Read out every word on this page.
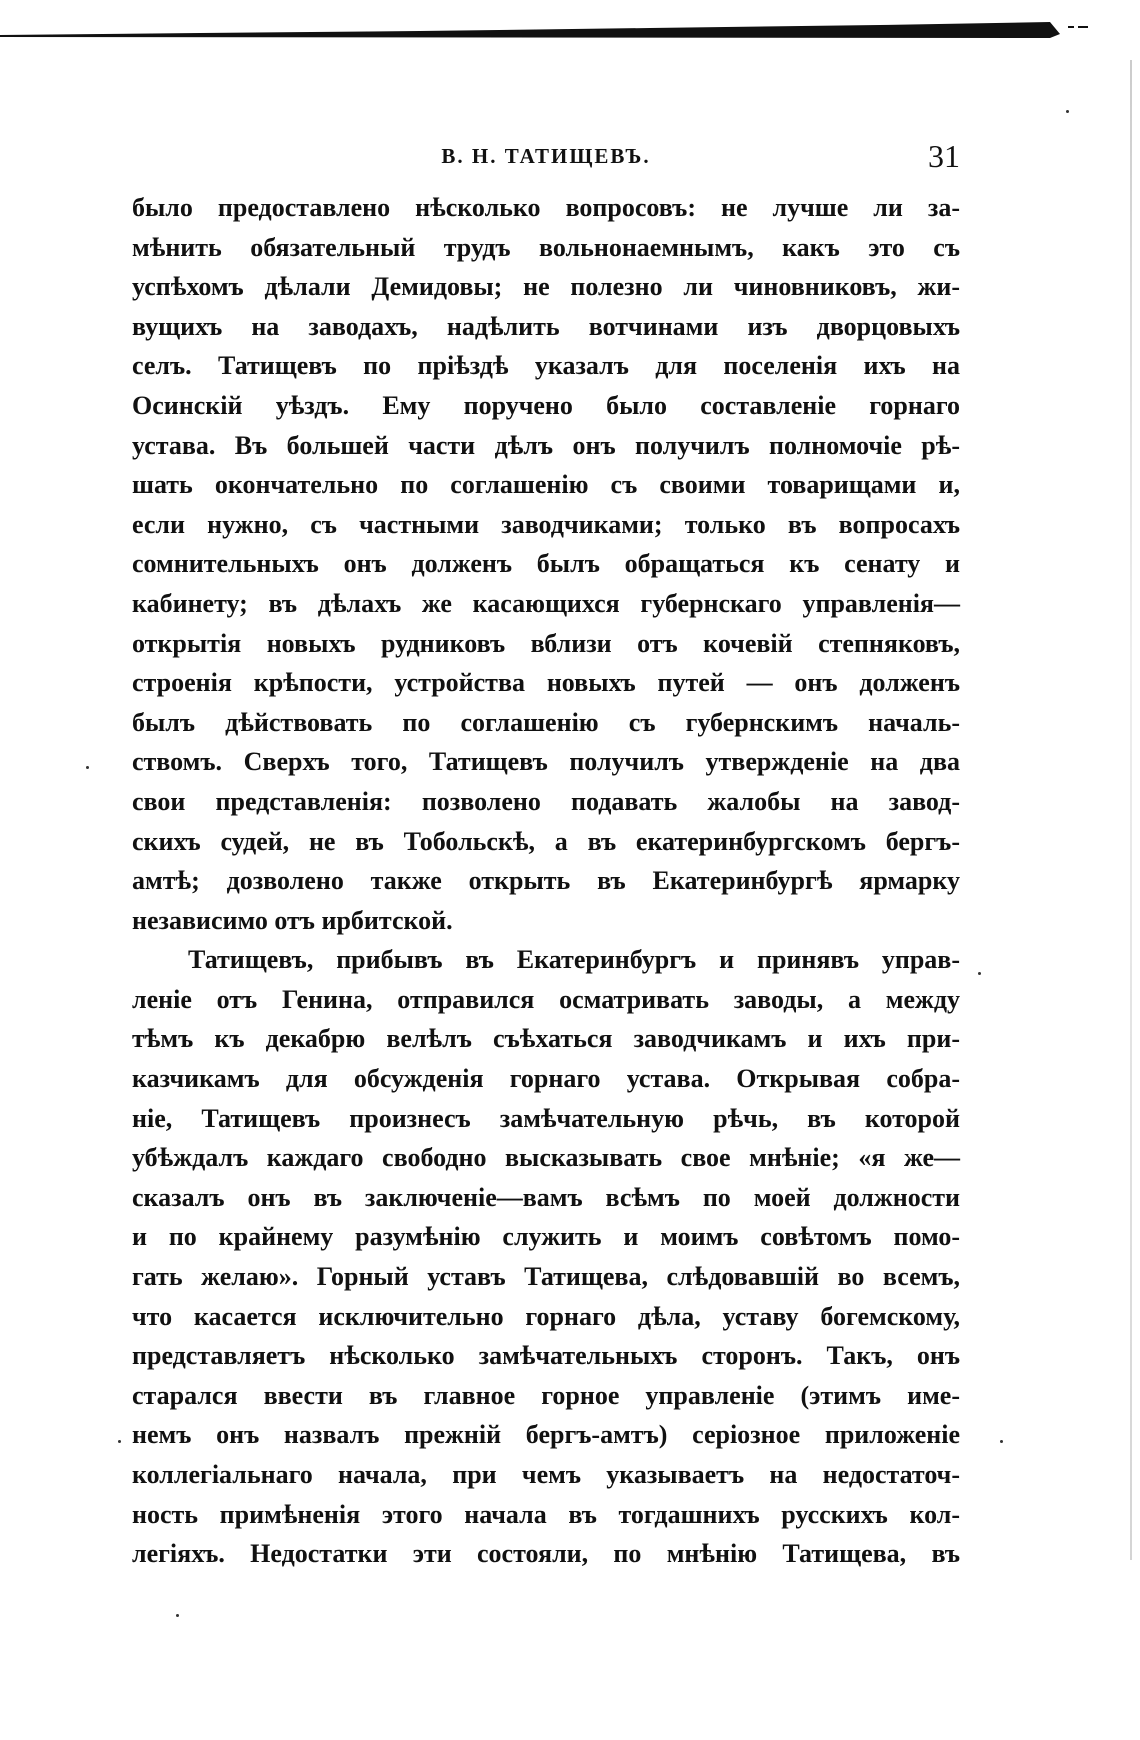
В. Н. ТАТИЩЕВЪ.	31
было предоставлено нѣсколько вопросовъ: не лучше ли за-
мѣнить обязательный трудъ вольнонаемнымъ, какъ это съ
успѣхомъ дѣлали Демидовы; не полезно ли чиновниковъ, жи-
вущихъ на заводахъ, надѣлить вотчинами изъ дворцовыхъ
селъ. Татищевъ по пріѣздѣ указалъ для поселенія ихъ на
Осинскій уѣздъ. Ему поручено было составленіе горнаго
устава. Въ большей части дѣлъ онъ получилъ полномочіе рѣ-
шать окончательно по соглашенію съ своими товарищами и,
если нужно, съ частными заводчиками; только въ вопросахъ
сомнительныхъ онъ долженъ былъ обращаться къ сенату и
кабинету; въ дѣлахъ же касающихся губернскаго управленія—
открытія новыхъ рудниковъ вблизи отъ кочевій степняковъ,
строенія крѣпости, устройства новыхъ путей — онъ долженъ
былъ дѣйствовать по соглашенію съ губернскимъ началь-
ствомъ. Сверхъ того, Татищевъ получилъ утвержденіе на два
свои представленія: позволено подавать жалобы на завод-
скихъ судей, не въ Тобольскѣ, а въ екатеринбургскомъ бергъ-
амтѣ; дозволено также открыть въ Екатеринбургѣ ярмарку
независимо отъ ирбитской.
Татищевъ, прибывъ въ Екатеринбургъ и принявъ управ-
леніе отъ Генина, отправился осматривать заводы, а между
тѣмъ къ декабрю велѣлъ съѣхаться заводчикамъ и ихъ при-
казчикамъ для обсужденія горнаго устава. Открывая собра-
ніе, Татищевъ произнесъ замѣчательную рѣчь, въ которой
убѣждалъ каждаго свободно высказывать свое мнѣніе; «я же—
сказалъ онъ въ заключеніе—вамъ всѣмъ по моей должности
и по крайнему разумѣнію служить и моимъ совѣтомъ помо-
гать желаю». Горный уставъ Татищева, слѣдовавшій во всемъ,
что касается исключительно горнаго дѣла, уставу богемскому,
представляетъ нѣсколько замѣчательныхъ сторонъ. Такъ, онъ
старался ввести въ главное горное управленіе (этимъ име-
немъ онъ назвалъ прежній бергъ-амтъ) серіозное приложеніе
коллегіальнаго начала, при чемъ указываетъ на недостаточ-
ность примѣненія этого начала въ тогдашнихъ русскихъ кол-
легіяхъ. Недостатки эти состояли, по мнѣнію Татищева, въ
